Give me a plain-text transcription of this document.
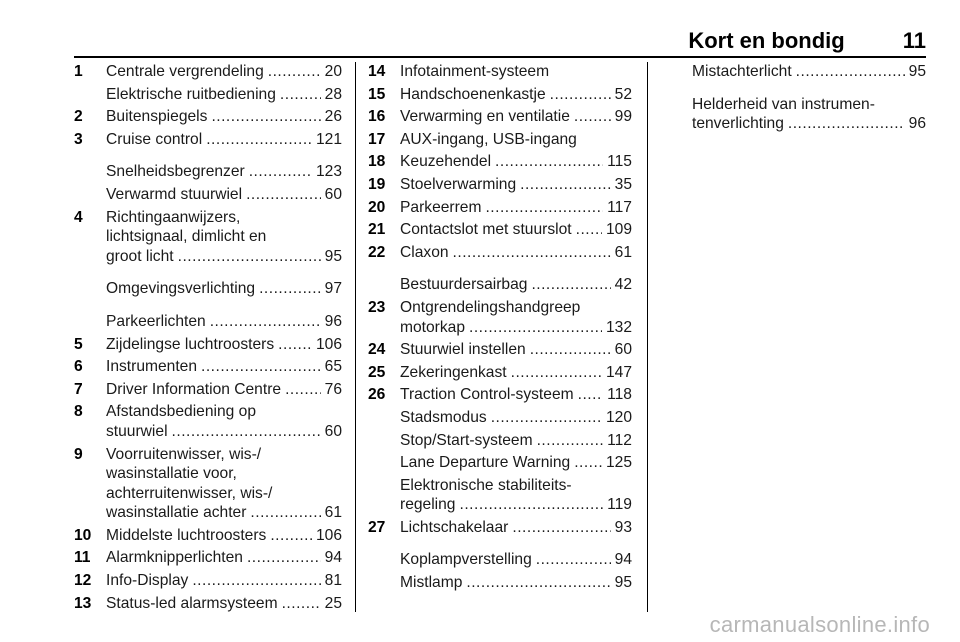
Kort en bondig	11
1	Centrale vergrendeling .....	20
Elektrische ruitbediening .....	28
2	Buitenspiegels .....	26
3	Cruise control .....	121
Snelheidsbegrenzer .....	123
Verwarmd stuurwiel .....	60
4	Richtingaanwijzers,
lichtsignaal, dimlicht en
groot licht .....	95
Omgevingsverlichting .....	97
Parkeerlichten .....	96
5	Zijdelingse luchtroosters .....	106
6	Instrumenten .....	65
7	Driver Information Centre .....	76
8	Afstandsbediening op
stuurwiel .....	60
9	Voorruitenwisser, wis-/
wasinstallatie voor,
achterruitenwisser, wis-/
wasinstallatie achter .....	61
10 Middelste luchtroosters .....	106
11 Alarmknipperlichten .....	94
12 Info-Display .....	81
13 Status-led alarmsysteem .....	25
14 Infotainment-systeem
15 Handschoenenkastje .....	52
16 Verwarming en ventilatie .....	99
17 AUX-ingang, USB-ingang
18 Keuzehendel .....	115
19 Stoelverwarming .....	35
20 Parkeerrem .....	117
21 Contactslot met stuurslot ..... 109
22 Claxon .....	61
Bestuurdersairbag .....	42
23 Ontgrendelingshandgreep
motorkap .....	132
24 Stuurwiel instellen .....	60
25 Zekeringenkast .....	147
26 Traction Control-systeem ..... 118
Stadsmodus .....	120
Stop/Start-systeem .....	112
Lane Departure Warning ..... 125
Elektronische stabiliteits-
regeling .....	119
27 Lichtschakelaar .....	93
Koplampverstelling .....	94
Mistlamp .....	95
Mistachterlicht .....	95
Helderheid van instrumen-
tenverlichting .....	96
carmanualsonline.info
